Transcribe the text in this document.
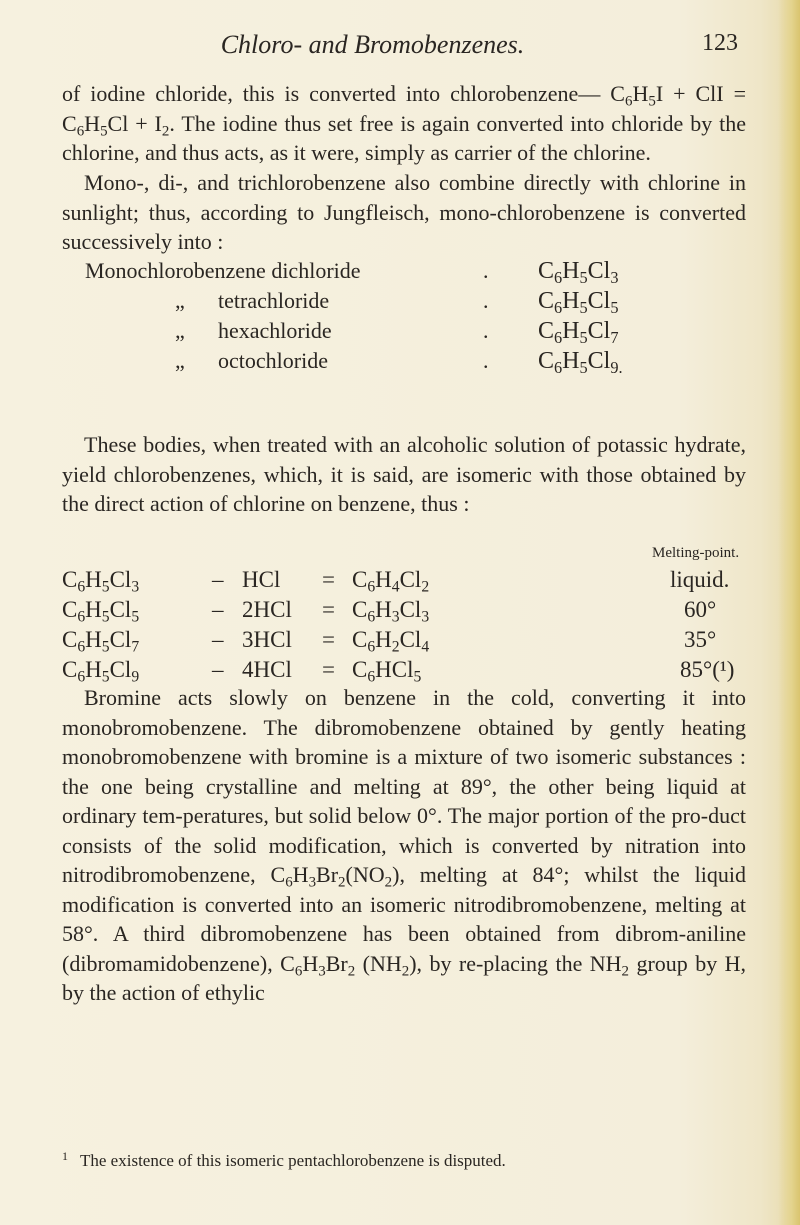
Chloro- and Bromobenzenes.	123

of iodine chloride, this is converted into chlorobenzene— $C_6H_5I$ + ClI = $C_6H_5Cl + I_2$. The iodine thus set free is again converted into chloride by the chlorine, and thus acts, as it were, simply as carrier of the chlorine.

Mono-, di-, and trichlorobenzene also combine directly with chlorine in sunlight; thus, according to Jungfleisch, mono-chlorobenzene is converted successively into :

Monochlorobenzene dichloride	. $C_6H_5Cl_3$
„ tetrachloride	. $C_6H_5Cl_5$
„ hexachloride	. $C_6H_5Cl_7$
„ octochloride	. $C_6H_5Cl_{9.}$

These bodies, when treated with an alcoholic solution of potassic hydrate, yield chlorobenzenes, which, it is said, are isomeric with those obtained by the direct action of chlorine on benzene, thus :

Melting-point.
$C_6H_5Cl_3$	– HCl = $C_6H_4Cl_2$	liquid.
$C_6H_5Cl_5$	– $2HCl = C_6H_3Cl_3$	60°
$C_6H_5Cl_7$	– $3HCl = C_6H_2Cl_4$	35°
$C_6H_5Cl_9$	– $4HCl = C_6HCl_5$	85°(¹)

Bromine acts slowly on benzene in the cold, converting it into monobromobenzene. The dibromobenzene obtained by gently heating monobromobenzene with bromine is a mixture of two isomeric substances : the one being crystalline and melting at 89°, the other being liquid at ordinary tem-peratures, but solid below 0°. The major portion of the pro-duct consists of the solid modification, which is converted by nitration into nitrodibromobenzene, $C_6H_3Br_2(NO_2)$, melting at 84°; whilst the liquid modification is converted into an isomeric nitrodibromobenzene, melting at 58°. A third dibromobenzene has been obtained from dibrom-aniline (dibromamidobenzene), $C_6H_3Br_2$ $(NH_2)$, by re-placing the $NH_2$ group by H, by the action of ethylic

$^1$ The existence of this isomeric pentachlorobenzene is disputed.
